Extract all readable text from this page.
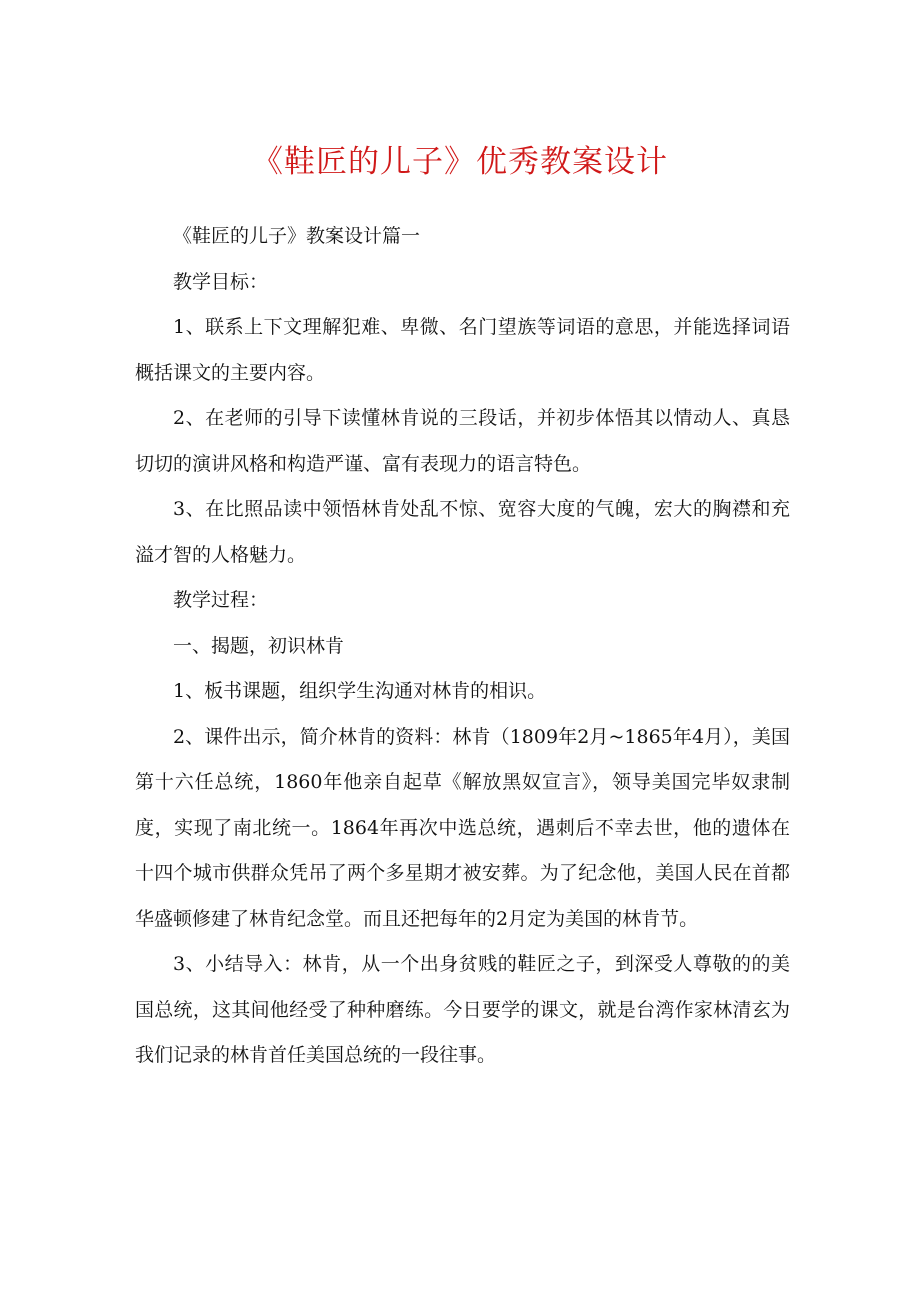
《鞋匠的儿子》优秀教案设计

《鞋匠的儿子》教案设计篇一

教学目标：

1、联系上下文理解犯难、卑微、名门望族等词语的意思，并能选择词语概括课文的主要内容。

2、在老师的引导下读懂林肯说的三段话，并初步体悟其以情动人、真恳切切的演讲风格和构造严谨、富有表现力的语言特色。

3、在比照品读中领悟林肯处乱不惊、宽容大度的气魄，宏大的胸襟和充溢才智的人格魅力。

教学过程：

一、揭题，初识林肯

1、板书课题，组织学生沟通对林肯的相识。

2、课件出示，简介林肯的资料：林肯（1809年2月~1865年4月），美国第十六任总统，1860年他亲自起草《解放黑奴宣言》，领导美国完毕奴隶制度，实现了南北统一。1864年再次中选总统，遇刺后不幸去世，他的遗体在十四个城市供群众凭吊了两个多星期才被安葬。为了纪念他，美国人民在首都华盛顿修建了林肯纪念堂。而且还把每年的2月定为美国的林肯节。

3、小结导入：林肯，从一个出身贫贱的鞋匠之子，到深受人尊敬的的美国总统，这其间他经受了种种磨练。今日要学的课文，就是台湾作家林清玄为我们记录的林肯首任美国总统的一段往事。
